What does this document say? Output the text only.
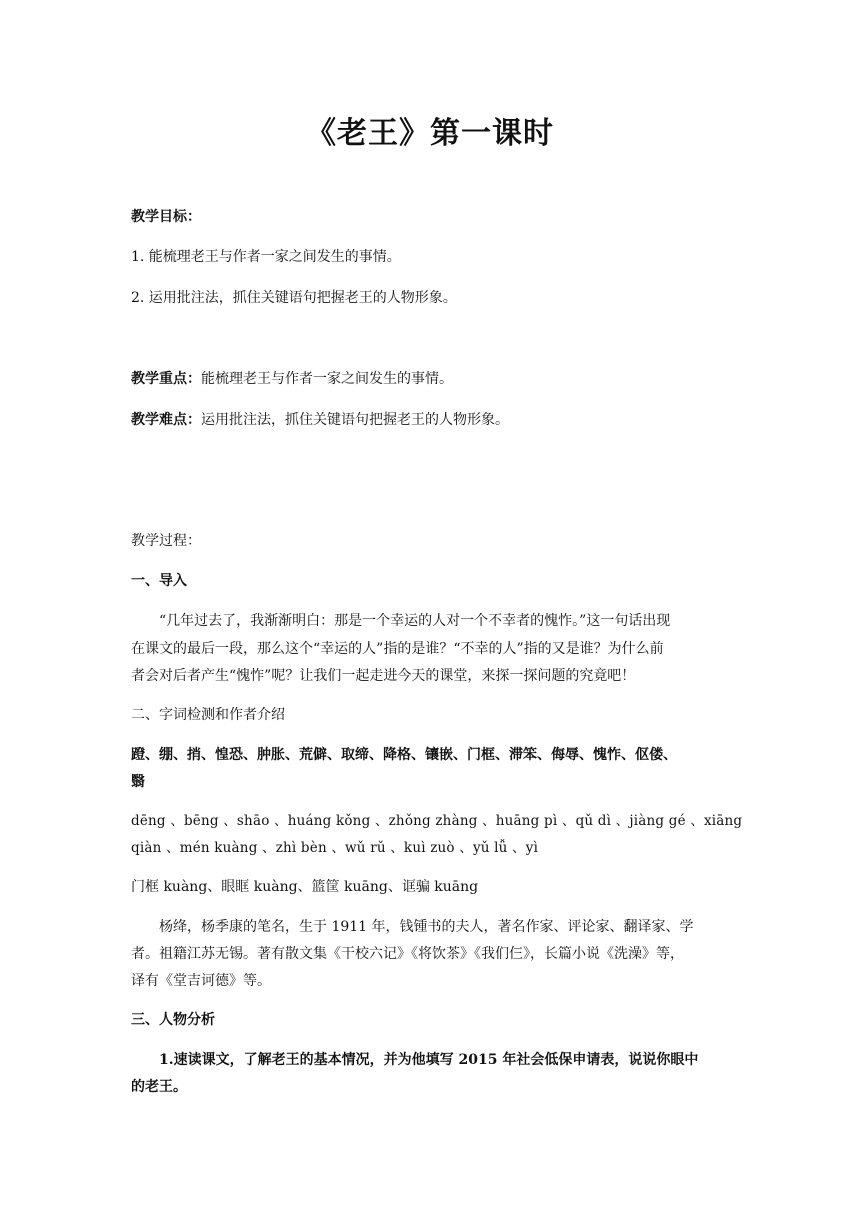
《老王》第一课时
教学目标：
1. 能梳理老王与作者一家之间发生的事情。
2. 运用批注法，抓住关键语句把握老王的人物形象。
教学重点：能梳理老王与作者一家之间发生的事情。
教学难点：运用批注法，抓住关键语句把握老王的人物形象。
教学过程：
一、导入
“几年过去了，我渐渐明白：那是一个幸运的人对一个不幸者的愧怍。”这一句话出现
在课文的最后一段，那么这个“幸运的人”指的是谁？“不幸的人”指的又是谁？为什么前
者会对后者产生“愧怍”呢？让我们一起走进今天的课堂，来探一探问题的究竟吧！
二、字词检测和作者介绍
蹬、绷、捎、惶恐、肿胀、荒僻、取缔、降格、镶嵌、门框、滞笨、侮辱、愧怍、伛偻、
翳
dēng 、bēng 、shāo 、huáng kǒng 、zhǒng zhàng 、huāng pì 、qǔ dì 、jiàng gé 、xiāng
qiàn 、mén kuàng 、zhì bèn 、wǔ rǔ 、kuì zuò 、yǔ lǚ 、yì
门框 kuàng、眼眶 kuàng、篮筐 kuāng、诓骗 kuāng
杨绛，杨季康的笔名，生于 1911 年，钱锺书的夫人，著名作家、评论家、翻译家、学
者。祖籍江苏无锡。著有散文集《干校六记》《将饮茶》《我们仨》，长篇小说《洗澡》等，
译有《堂吉诃德》等。
三、人物分析
1.速读课文，了解老王的基本情况，并为他填写 2015 年社会低保申请表，说说你眼中
的老王。
